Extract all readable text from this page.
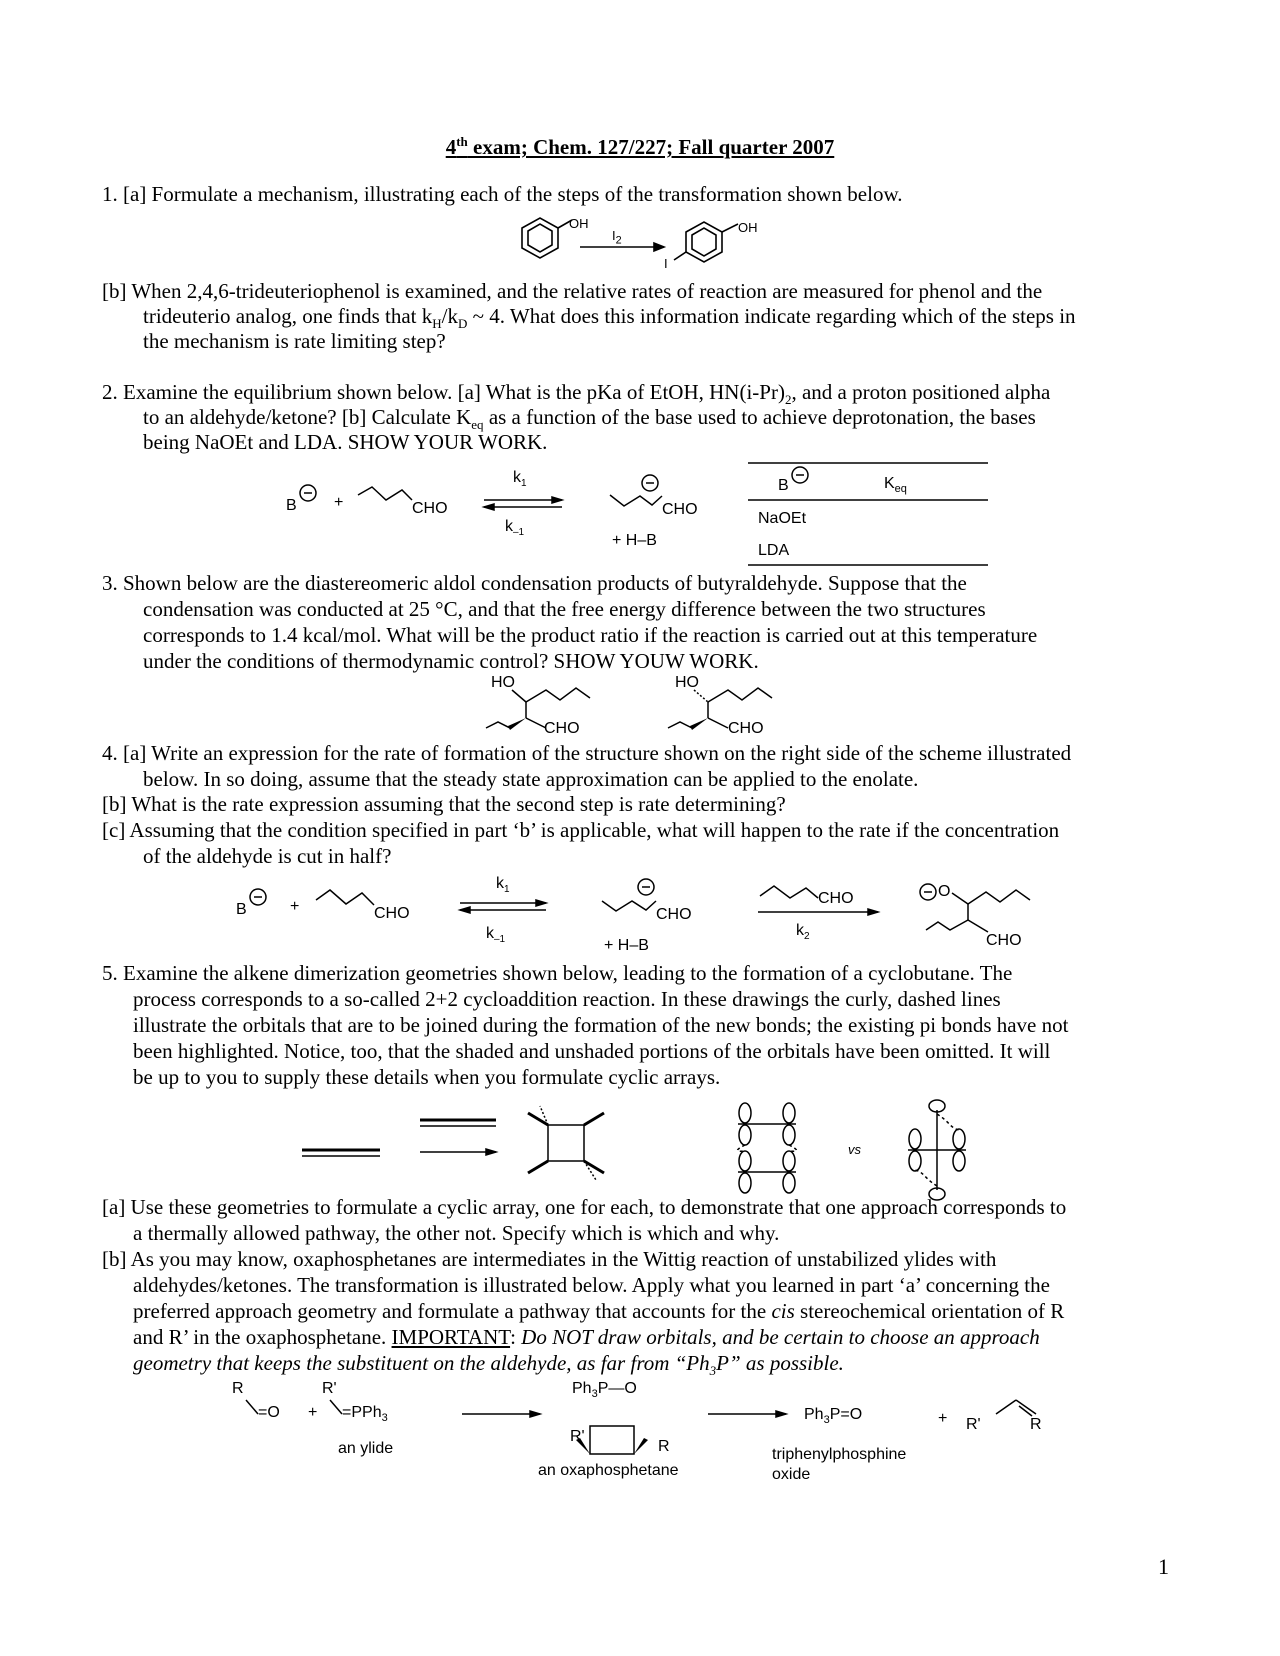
4th exam; Chem. 127/227; Fall quarter 2007
1. [a] Formulate a mechanism, illustrating each of the steps of the transformation shown below.
OH
$I_2$
OH
I
[b] When 2,4,6-trideuteriophenol is examined, and the relative rates of reaction are measured for phenol and the
trideuterio analog, one finds that $k_H/k_D$ ~ 4. What does this information indicate regarding which of the steps in
the mechanism is rate limiting step?
2. Examine the equilibrium shown below. [a] What is the pKa of EtOH, $HN(i-Pr)_2$, and a proton positioned alpha
to an aldehyde/ketone? [b] Calculate $K_{eq}$ as a function of the base used to achieve deprotonation, the bases
being NaOEt and LDA. SHOW YOUR WORK.
B +	CHO
$k_1$
$k_{-1}$
CHO
+ H–B
B	$K_{eq}$
NaOEt
LDA
3. Shown below are the diastereomeric aldol condensation products of butyraldehyde. Suppose that the
condensation was conducted at 25 °C, and that the free energy difference between the two structures
corresponds to 1.4 kcal/mol. What will be the product ratio if the reaction is carried out at this temperature
under the conditions of thermodynamic control? SHOW YOUW WORK.
HO
CHO
HO
CHO
4. [a] Write an expression for the rate of formation of the structure shown on the right side of the scheme illustrated
below. In so doing, assume that the steady state approximation can be applied to the enolate.
[b] What is the rate expression assuming that the second step is rate determining?
[c] Assuming that the condition specified in part ‘b’ is applicable, what will happen to the rate if the concentration
of the aldehyde is cut in half?
B	+	CHO
$k_1$
$k_{-1}$
CHO
+ H–B
CHO
$k_2$
O
CHO
5. Examine the alkene dimerization geometries shown below, leading to the formation of a cyclobutane. The
process corresponds to a so-called 2+2 cycloaddition reaction. In these drawings the curly, dashed lines
illustrate the orbitals that are to be joined during the formation of the new bonds; the existing pi bonds have not
been highlighted. Notice, too, that the shaded and unshaded portions of the orbitals have been omitted. It will
be up to you to supply these details when you formulate cyclic arrays.
vs
[a] Use these geometries to formulate a cyclic array, one for each, to demonstrate that one approach corresponds to
a thermally allowed pathway, the other not. Specify which is which and why.
[b] As you may know, oxaphosphetanes are intermediates in the Wittig reaction of unstabilized ylides with
aldehydes/ketones. The transformation is illustrated below. Apply what you learned in part ‘a’ concerning the
preferred approach geometry and formulate a pathway that accounts for the cis stereochemical orientation of R
and R’ in the oxaphosphetane. IMPORTANT: Do NOT draw orbitals, and be certain to choose an approach
geometry that keeps the substituent on the aldehyde, as far from “$Ph_3P$” as possible.
R
=O +
R'
=PPh$_3$
an ylide
$Ph_3P—O$
R'
R
an oxaphosphetane
$Ph_3P=O$
triphenylphosphine
oxide
+ R'	R
1
